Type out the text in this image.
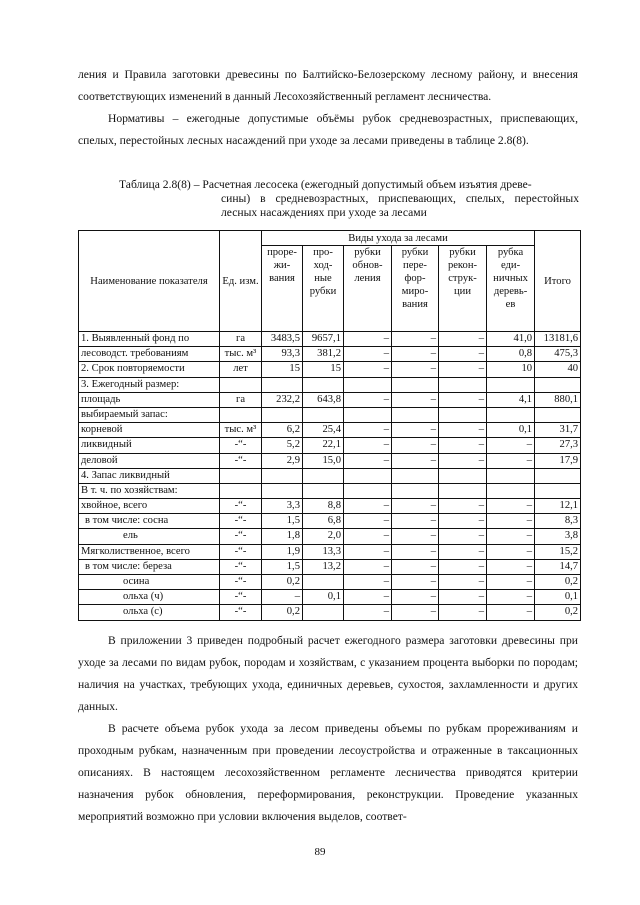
ления и Правила заготовки древесины по Балтийско-Белозерскому лесному району, и внесения соответствующих изменений в данный Лесохозяйственный регламент лесничества.

Нормативы – ежегодные допустимые объёмы рубок средневозрастных, приспевающих, спелых, перестойных лесных насаждений при уходе за лесами приведены в таблице 2.8(8).

Таблица 2.8(8) – Расчетная лесосека (ежегодный допустимый объем изъятия древе-
сины) в средневозрастных, приспевающих, спелых, перестойных лесных насаждениях при уходе за лесами
Наименование показателя	Ед. изм.	Виды ухода за лесами						Итого
		проре-жи-вания	про-ход-ные рубки	рубки обнов-ления	рубки пере-фор-миро-вания	рубки рекон-струк-ции	рубка еди-ничных деревь-ев	
1. Выявленный фонд по	га	3483,5	9657,1	–	–	–	41,0	13181,6
лесоводст. требованиям	тыс. м³	93,3	381,2	–	–	–	0,8	475,3
2. Срок повторяемости	лет	15	15	–	–	–	10	40
3. Ежегодный размер:								
площадь	га	232,2	643,8	–	–	–	4,1	880,1
выбираемый запас:								
корневой	тыс. м³	6,2	25,4	–	–	–	0,1	31,7
ликвидный	-“-	5,2	22,1	–	–	–	–	27,3
деловой	-“-	2,9	15,0	–	–	–	–	17,9
4. Запас ликвидный								
В т. ч. по хозяйствам:								
хвойное, всего	-“-	3,3	8,8	–	–	–	–	12,1
в том числе: сосна	-“-	1,5	6,8	–	–	–	–	8,3
ель	-“-	1,8	2,0	–	–	–	–	3,8
Мягколиственное, всего	-“-	1,9	13,3	–	–	–	–	15,2
в том числе: береза	-“-	1,5	13,2	–	–	–	–	14,7
осина	-“-	0,2		–	–	–	–	0,2
ольха (ч)	-“-	–	0,1	–	–	–	–	0,1
ольха (с)	-“-	0,2		–	–	–	–	0,2

В приложении 3 приведен подробный расчет ежегодного размера заготовки древесины при уходе за лесами по видам рубок, породам и хозяйствам, с указанием процента выборки по породам; наличия на участках, требующих ухода, единичных деревьев, сухостоя, захламленности и других данных.

В расчете объема рубок ухода за лесом приведены объемы по рубкам прореживаниям и проходным рубкам, назначенным при проведении лесоустройства и отраженные в таксационных описаниях. В настоящем лесохозяйственном регламенте лесничества приводятся критерии назначения рубок обновления, переформирования, реконструкции. Проведение указанных мероприятий возможно при условии включения выделов, соответ-

89
